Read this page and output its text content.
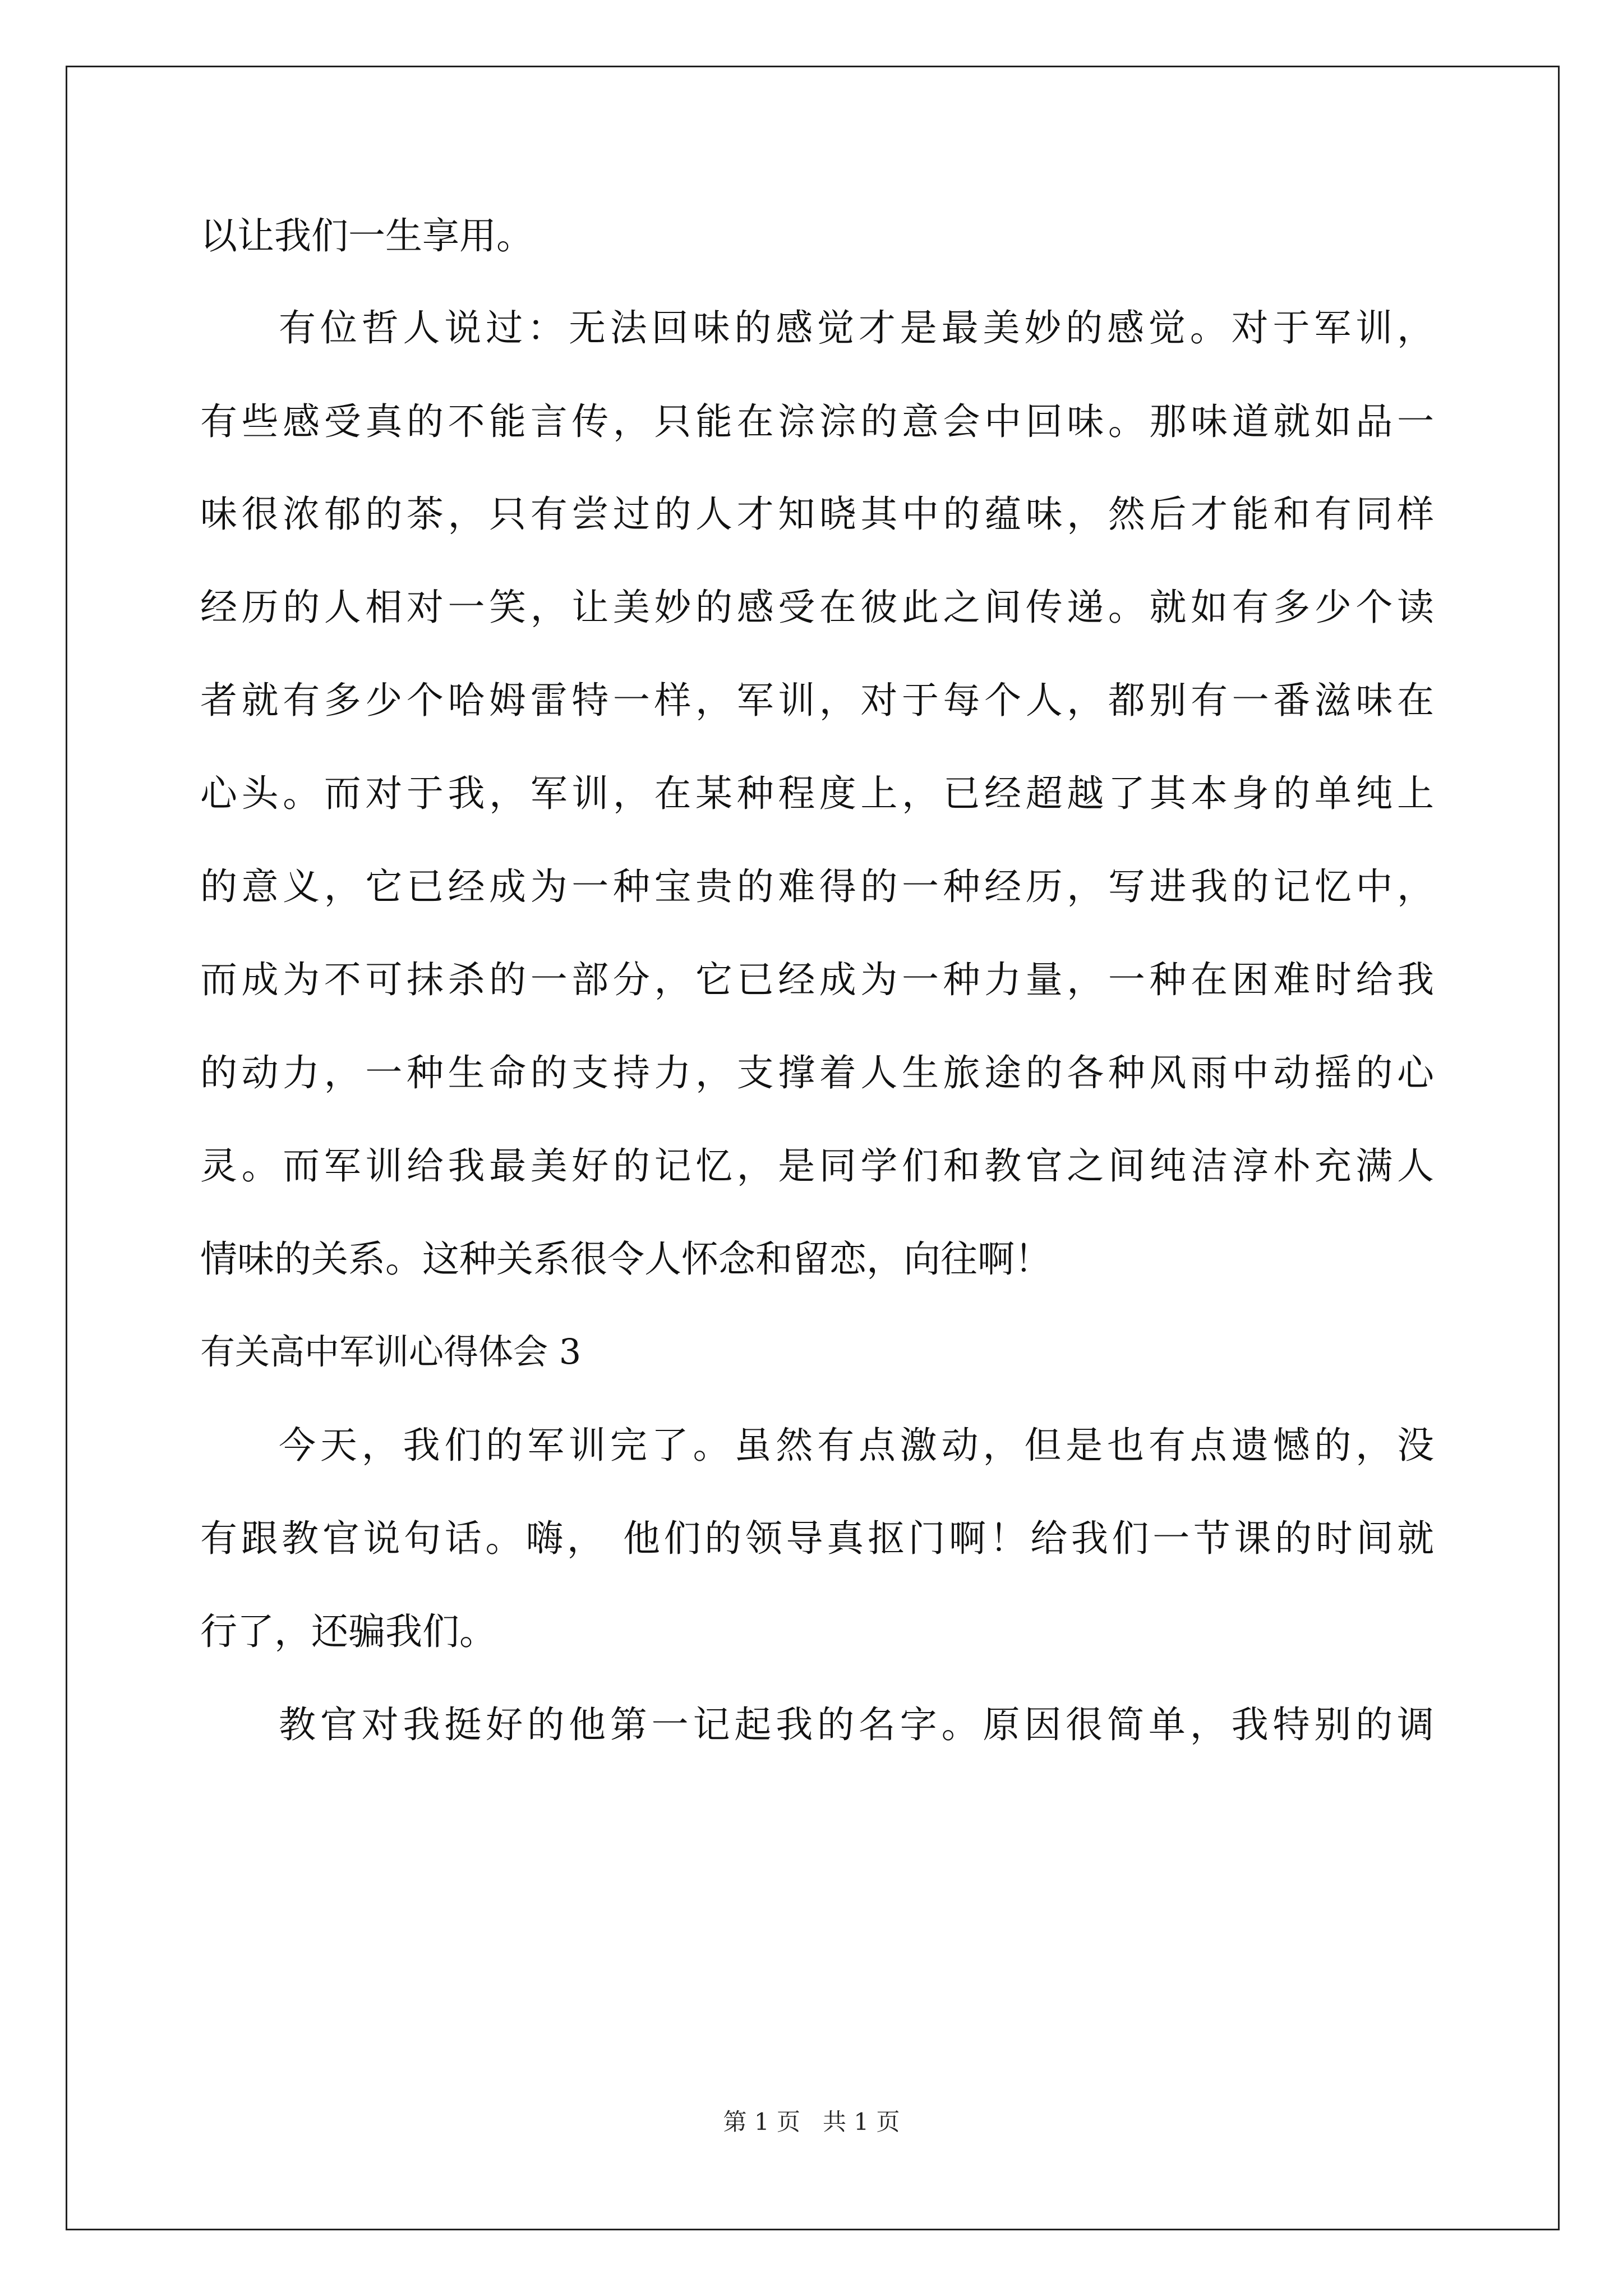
以让我们一生享用。
有位哲人说过：无法回味的感觉才是最美妙的感觉。对于军训，
有些感受真的不能言传，只能在淙淙的意会中回味。那味道就如品一
味很浓郁的茶，只有尝过的人才知晓其中的蕴味，然后才能和有同样
经历的人相对一笑，让美妙的感受在彼此之间传递。就如有多少个读
者就有多少个哈姆雷特一样，军训，对于每个人，都别有一番滋味在
心头。而对于我，军训，在某种程度上，已经超越了其本身的单纯上
的意义，它已经成为一种宝贵的难得的一种经历，写进我的记忆中，
而成为不可抹杀的一部分，它已经成为一种力量，一种在困难时给我
的动力，一种生命的支持力，支撑着人生旅途的各种风雨中动摇的心
灵。而军训给我最美好的记忆，是同学们和教官之间纯洁淳朴充满人
情味的关系。这种关系很令人怀念和留恋，向往啊！
有关高中军训心得体会 3
今天，我们的军训完了。虽然有点激动，但是也有点遗憾的，没
有跟教官说句话。嗨， 他们的领导真抠门啊！给我们一节课的时间就
行了，还骗我们。
教官对我挺好的他第一记起我的名字。原因很简单，我特别的调
第 1 页   共 1 页
